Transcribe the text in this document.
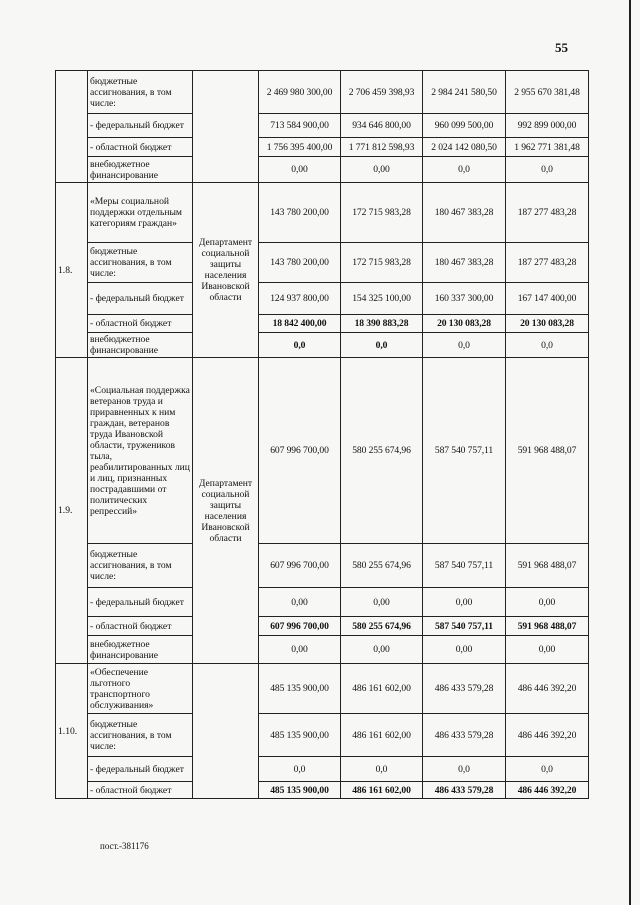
55
	бюджетные ассигнования, в том числе:		2 469 980 300,00	2 706 459 398,93	2 984 241 580,50	2 955 670 381,48
	- федеральный бюджет		713 584 900,00	934 646 800,00	960 099 500,00	992 899 000,00
	- областной бюджет		1 756 395 400,00	1 771 812 598,93	2 024 142 080,50	1 962 771 381,48
	внебюджетное финансирование		0,00	0,00	0,0	0,0
1.8.	«Меры социальной поддержки отдельным категориям граждан»	Департамент социальной защиты населения Ивановской области	143 780 200,00	172 715 983,28	180 467 383,28	187 277 483,28
	бюджетные ассигнования, в том числе:		143 780 200,00	172 715 983,28	180 467 383,28	187 277 483,28
	- федеральный бюджет		124 937 800,00	154 325 100,00	160 337 300,00	167 147 400,00
	- областной бюджет		18 842 400,00	18 390 883,28	20 130 083,28	20 130 083,28
	внебюджетное финансирование		0,0	0,0	0,0	0,0
1.9.	«Социальная поддержка ветеранов труда и приравненных к ним граждан, ветеранов труда Ивановской области, тружеников тыла, реабилитированных лиц и лиц, признанных пострадавшими от политических репрессий»	Департамент социальной защиты населения Ивановской области	607 996 700,00	580 255 674,96	587 540 757,11	591 968 488,07
	бюджетные ассигнования, в том числе:		607 996 700,00	580 255 674,96	587 540 757,11	591 968 488,07
	- федеральный бюджет		0,00	0,00	0,00	0,00
	- областной бюджет		607 996 700,00	580 255 674,96	587 540 757,11	591 968 488,07
	внебюджетное финансирование		0,00	0,00	0,00	0,00
1.10.	«Обеспечение льготного транспортного обслуживания»		485 135 900,00	486 161 602,00	486 433 579,28	486 446 392,20
	бюджетные ассигнования, в том числе:		485 135 900,00	486 161 602,00	486 433 579,28	486 446 392,20
	- федеральный бюджет		0,0	0,0	0,0	0,0
	- областной бюджет		485 135 900,00	486 161 602,00	486 433 579,28	486 446 392,20
пост.-381176
